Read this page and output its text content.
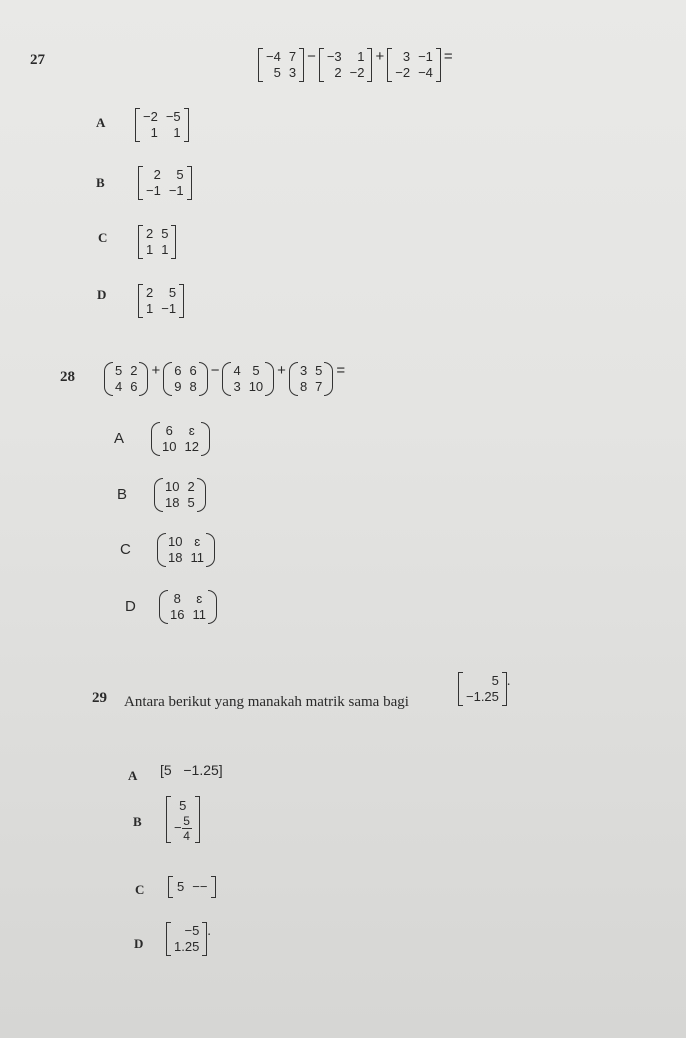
27	−4 7
5 3
− −3	1
2 −2
+	3 −1
−2 −4
=
A	−2 −5
1	1
B
2	5
−1 −1
C	2 5
1 1
D	2	5
1 −1
28	5 2
4 6
+	6 6
9 8
−	4 5
3 10
+	3 5
8 7
=
A	6	ɛ
10 12
B	10 2
18 5
C	10 ɛ
18 11
D	8	ɛ
16 11
29 Antara berikut yang manakah matrik sama bagi
5
−1.25
.
A [5 −1.25]
B
5
− $\frac{5}{4}$
C	5 −−
D
−5
1.25
.
